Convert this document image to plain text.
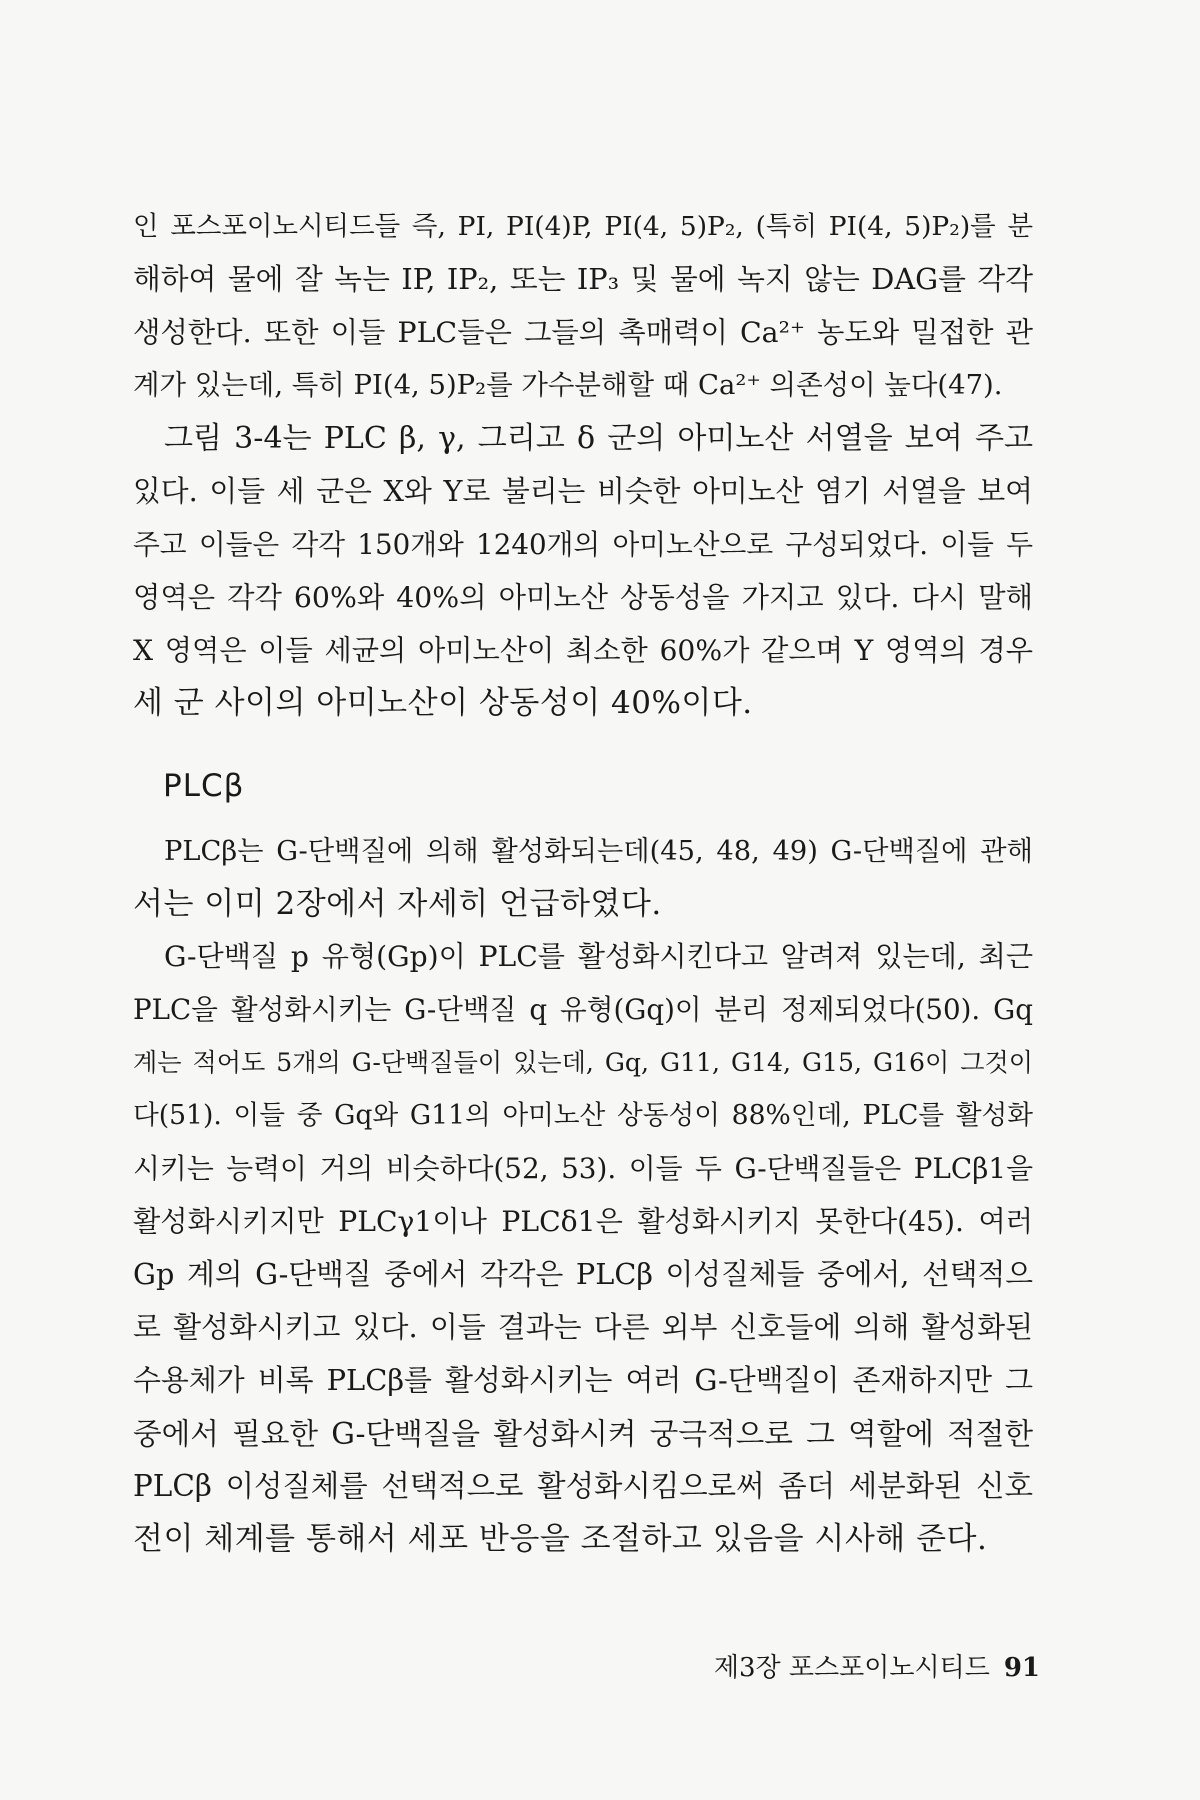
인 포스포이노시티드들 즉, PI, PI(4)P, PI(4, 5)P₂, (특히 PI(4, 5)P₂)를 분
해하여 물에 잘 녹는 IP, IP₂, 또는 IP₃ 및 물에 녹지 않는 DAG를 각각
생성한다. 또한 이들 PLC들은 그들의 촉매력이 Ca²⁺ 농도와 밀접한 관
계가 있는데, 특히 PI(4, 5)P₂를 가수분해할 때 Ca²⁺ 의존성이 높다(47).
그림 3-4는 PLC β, γ, 그리고 δ 군의 아미노산 서열을 보여 주고
있다. 이들 세 군은 X와 Y로 불리는 비슷한 아미노산 염기 서열을 보여
주고 이들은 각각 150개와 1240개의 아미노산으로 구성되었다. 이들 두
영역은 각각 60%와 40%의 아미노산 상동성을 가지고 있다. 다시 말해
X 영역은 이들 세균의 아미노산이 최소한 60%가 같으며 Y 영역의 경우
세 군 사이의 아미노산이 상동성이 40%이다.
PLCβ
PLCβ는 G-단백질에 의해 활성화되는데(45, 48, 49) G-단백질에 관해
서는 이미 2장에서 자세히 언급하였다.
G-단백질 p 유형(Gp)이 PLC를 활성화시킨다고 알려져 있는데, 최근
PLC을 활성화시키는 G-단백질 q 유형(Gq)이 분리 정제되었다(50). Gq
계는 적어도 5개의 G-단백질들이 있는데, Gq, G11, G14, G15, G16이 그것이
다(51). 이들 중 Gq와 G11의 아미노산 상동성이 88%인데, PLC를 활성화
시키는 능력이 거의 비슷하다(52, 53). 이들 두 G-단백질들은 PLCβ1을
활성화시키지만 PLCγ1이나 PLCδ1은 활성화시키지 못한다(45). 여러
Gp 계의 G-단백질 중에서 각각은 PLCβ 이성질체들 중에서, 선택적으
로 활성화시키고 있다. 이들 결과는 다른 외부 신호들에 의해 활성화된
수용체가 비록 PLCβ를 활성화시키는 여러 G-단백질이 존재하지만 그
중에서 필요한 G-단백질을 활성화시켜 궁극적으로 그 역할에 적절한
PLCβ 이성질체를 선택적으로 활성화시킴으로써 좀더 세분화된 신호
전이 체계를 통해서 세포 반응을 조절하고 있음을 시사해 준다.
제3장 포스포이노시티드 91
